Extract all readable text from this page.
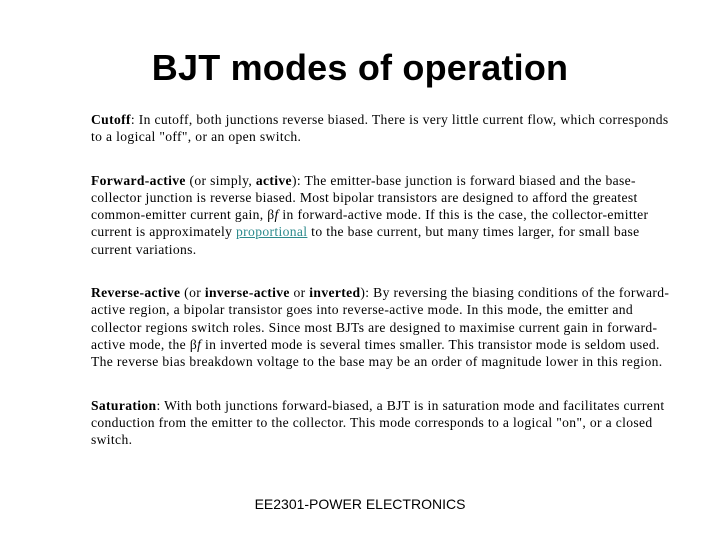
BJT modes of operation

Cutoff: In cutoff, both junctions reverse biased. There is very little current flow, which corresponds to a logical "off", or an open switch.

Forward-active (or simply, active): The emitter-base junction is forward biased and the base-collector junction is reverse biased. Most bipolar transistors are designed to afford the greatest common-emitter current gain, βf in forward-active mode. If this is the case, the collector-emitter current is approximately proportional to the base current, but many times larger, for small base current variations.

Reverse-active (or inverse-active or inverted): By reversing the biasing conditions of the forward-active region, a bipolar transistor goes into reverse-active mode. In this mode, the emitter and collector regions switch roles. Since most BJTs are designed to maximise current gain in forward-active mode, the βf in inverted mode is several times smaller. This transistor mode is seldom used. The reverse bias breakdown voltage to the base may be an order of magnitude lower in this region.

Saturation: With both junctions forward-biased, a BJT is in saturation mode and facilitates current conduction from the emitter to the collector. This mode corresponds to a logical "on", or a closed switch.

EE2301-POWER ELECTRONICS
